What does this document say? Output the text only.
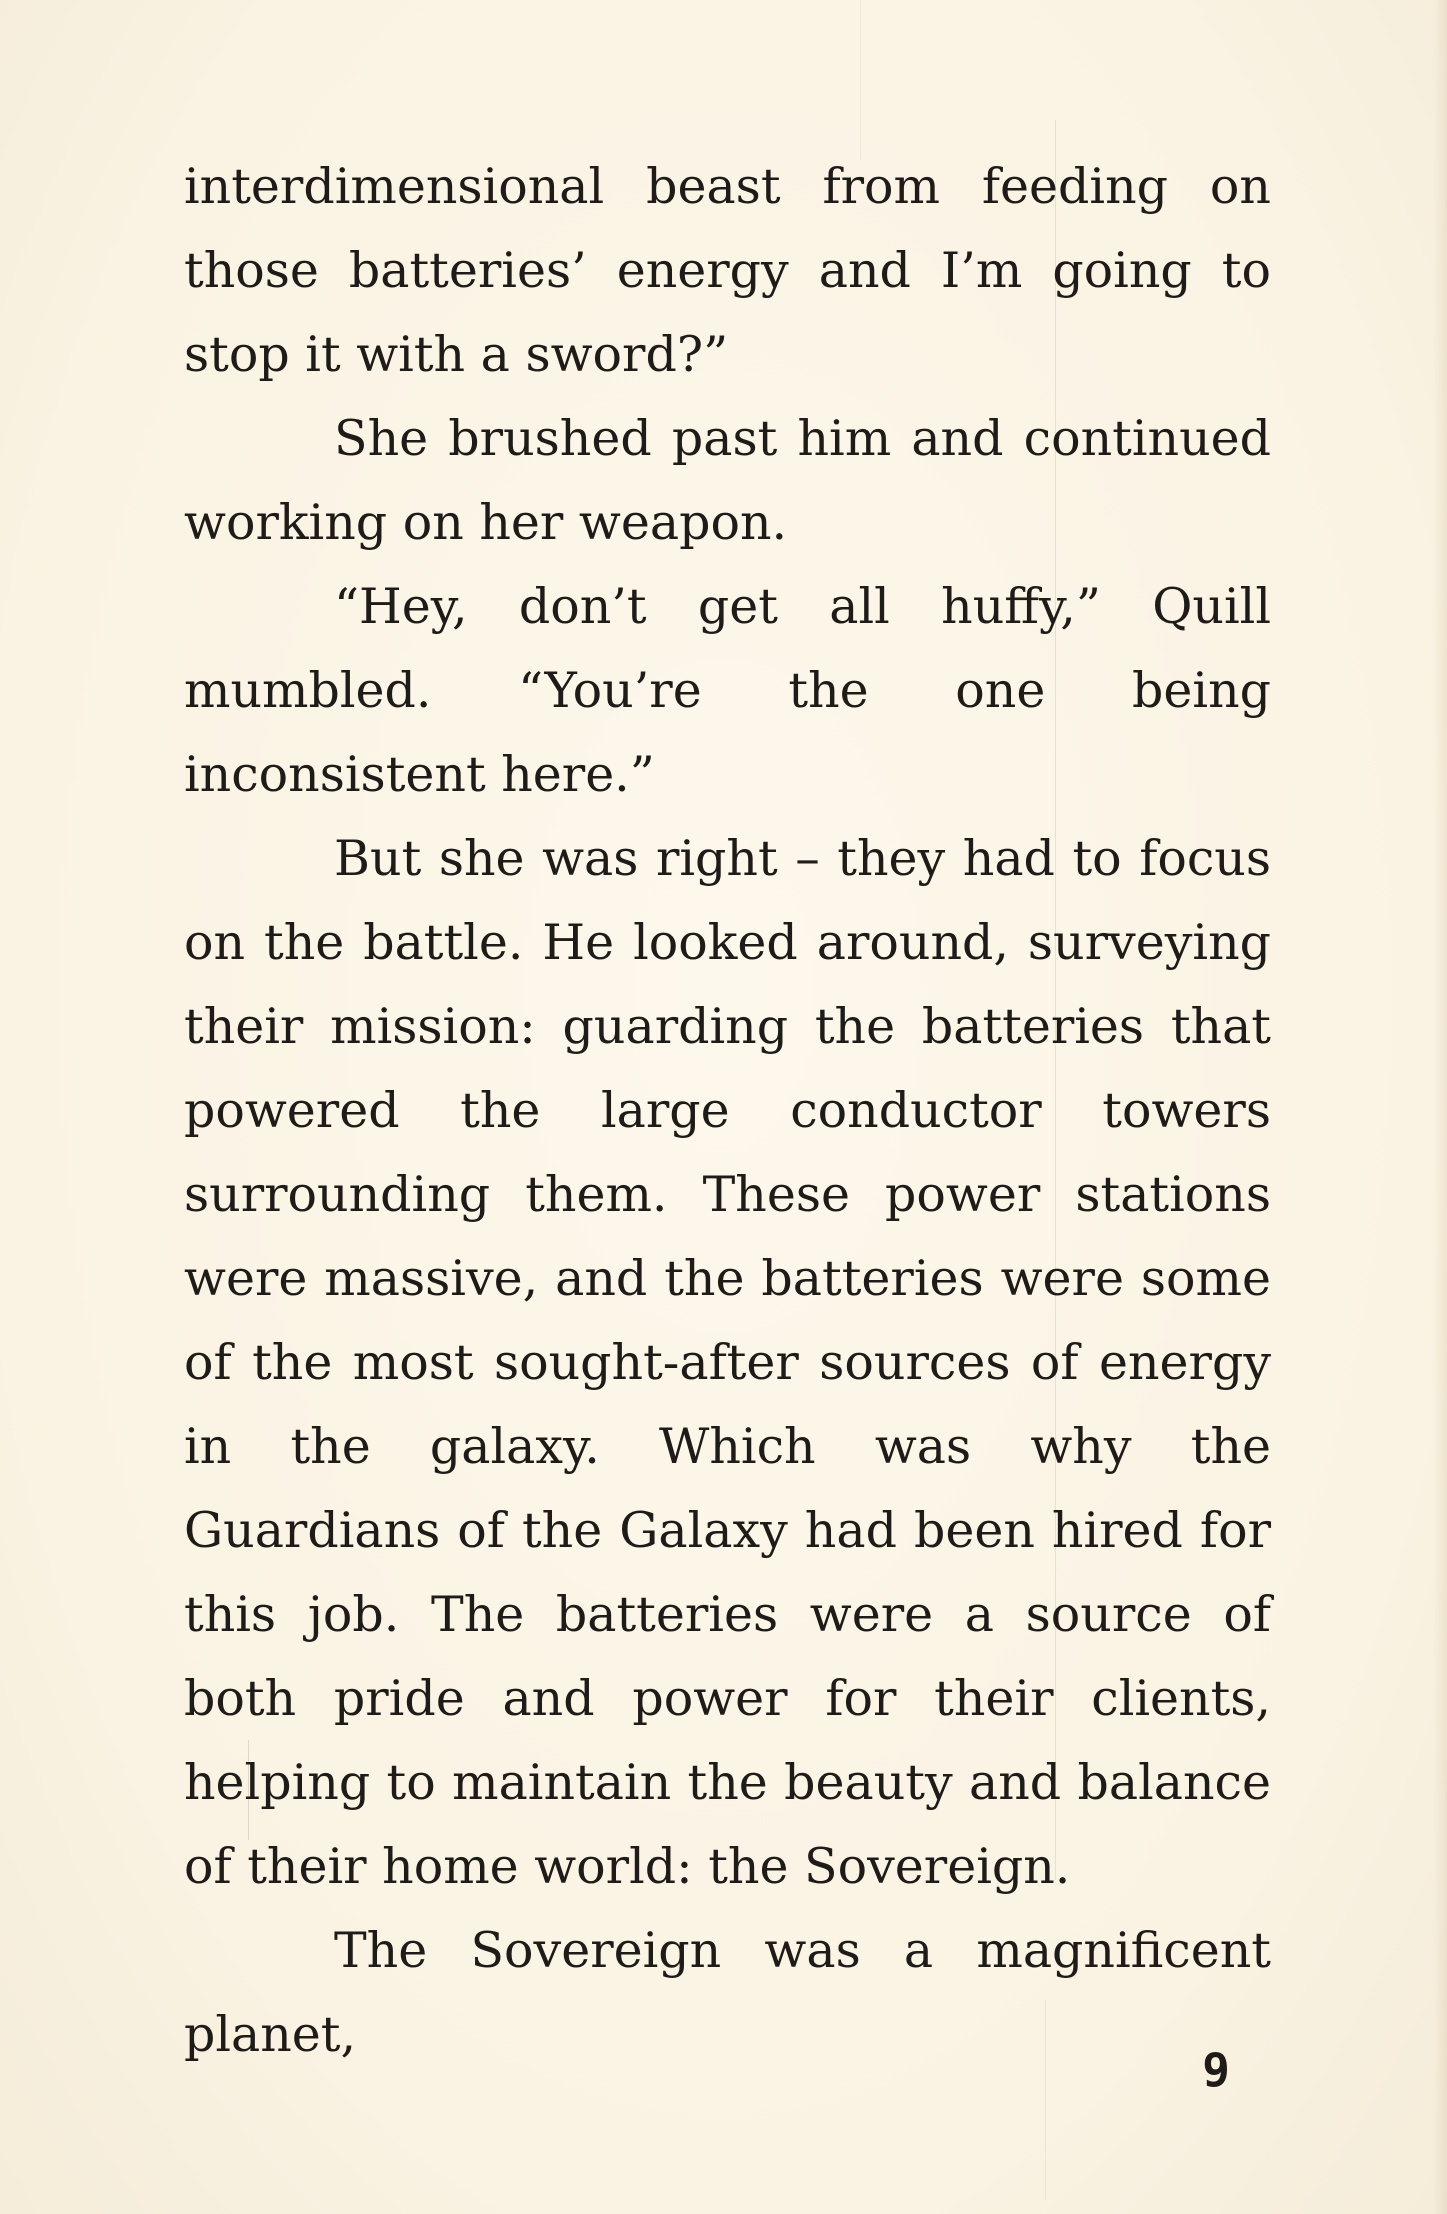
interdimensional beast from feeding on those batteries’ energy and I’m going to stop it with a sword?”

She brushed past him and continued working on her weapon.

“Hey, don’t get all huffy,” Quill mumbled. “You’re the one being inconsistent here.”

But she was right – they had to focus on the battle. He looked around, surveying their mission: guarding the batteries that powered the large conductor towers surrounding them. These power stations were massive, and the batteries were some of the most sought-after sources of energy in the galaxy. Which was why the Guardians of the Galaxy had been hired for this job. The batteries were a source of both pride and power for their clients, helping to maintain the beauty and balance of their home world: the Sovereign.

The Sovereign was a magnificent planet,

9
